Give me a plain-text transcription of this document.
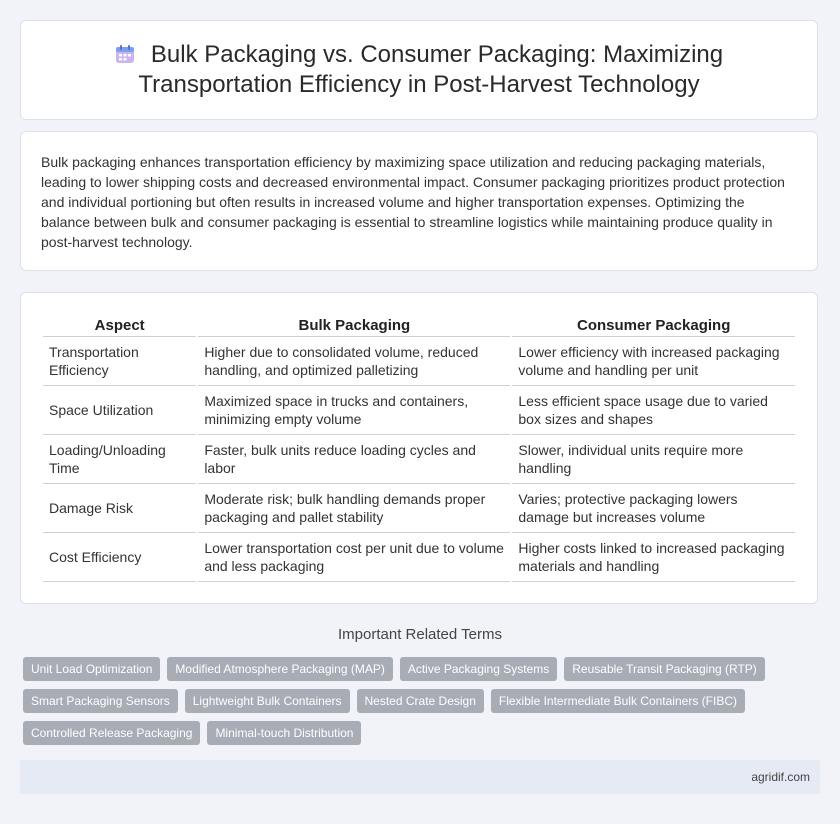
Bulk Packaging vs. Consumer Packaging: Maximizing Transportation Efficiency in Post-Harvest Technology

Bulk packaging enhances transportation efficiency by maximizing space utilization and reducing packaging materials, leading to lower shipping costs and decreased environmental impact. Consumer packaging prioritizes product protection and individual portioning but often results in increased volume and higher transportation expenses. Optimizing the balance between bulk and consumer packaging is essential to streamline logistics while maintaining produce quality in post-harvest technology.

Aspect	Bulk Packaging	Consumer Packaging
Transportation Efficiency	Higher due to consolidated volume, reduced handling, and optimized palletizing	Lower efficiency with increased packaging volume and handling per unit
Space Utilization	Maximized space in trucks and containers, minimizing empty volume	Less efficient space usage due to varied box sizes and shapes
Loading/Unloading Time	Faster, bulk units reduce loading cycles and labor	Slower, individual units require more handling
Damage Risk	Moderate risk; bulk handling demands proper packaging and pallet stability	Varies; protective packaging lowers damage but increases volume
Cost Efficiency	Lower transportation cost per unit due to volume and less packaging	Higher costs linked to increased packaging materials and handling
Important Related Terms
Unit Load Optimization	Modified Atmosphere Packaging (MAP)	Active Packaging Systems	Reusable Transit Packaging (RTP)
Smart Packaging Sensors	Lightweight Bulk Containers	Nested Crate Design	Flexible Intermediate Bulk Containers (FIBC)
Controlled Release Packaging	Minimal-touch Distribution
agridif.com
